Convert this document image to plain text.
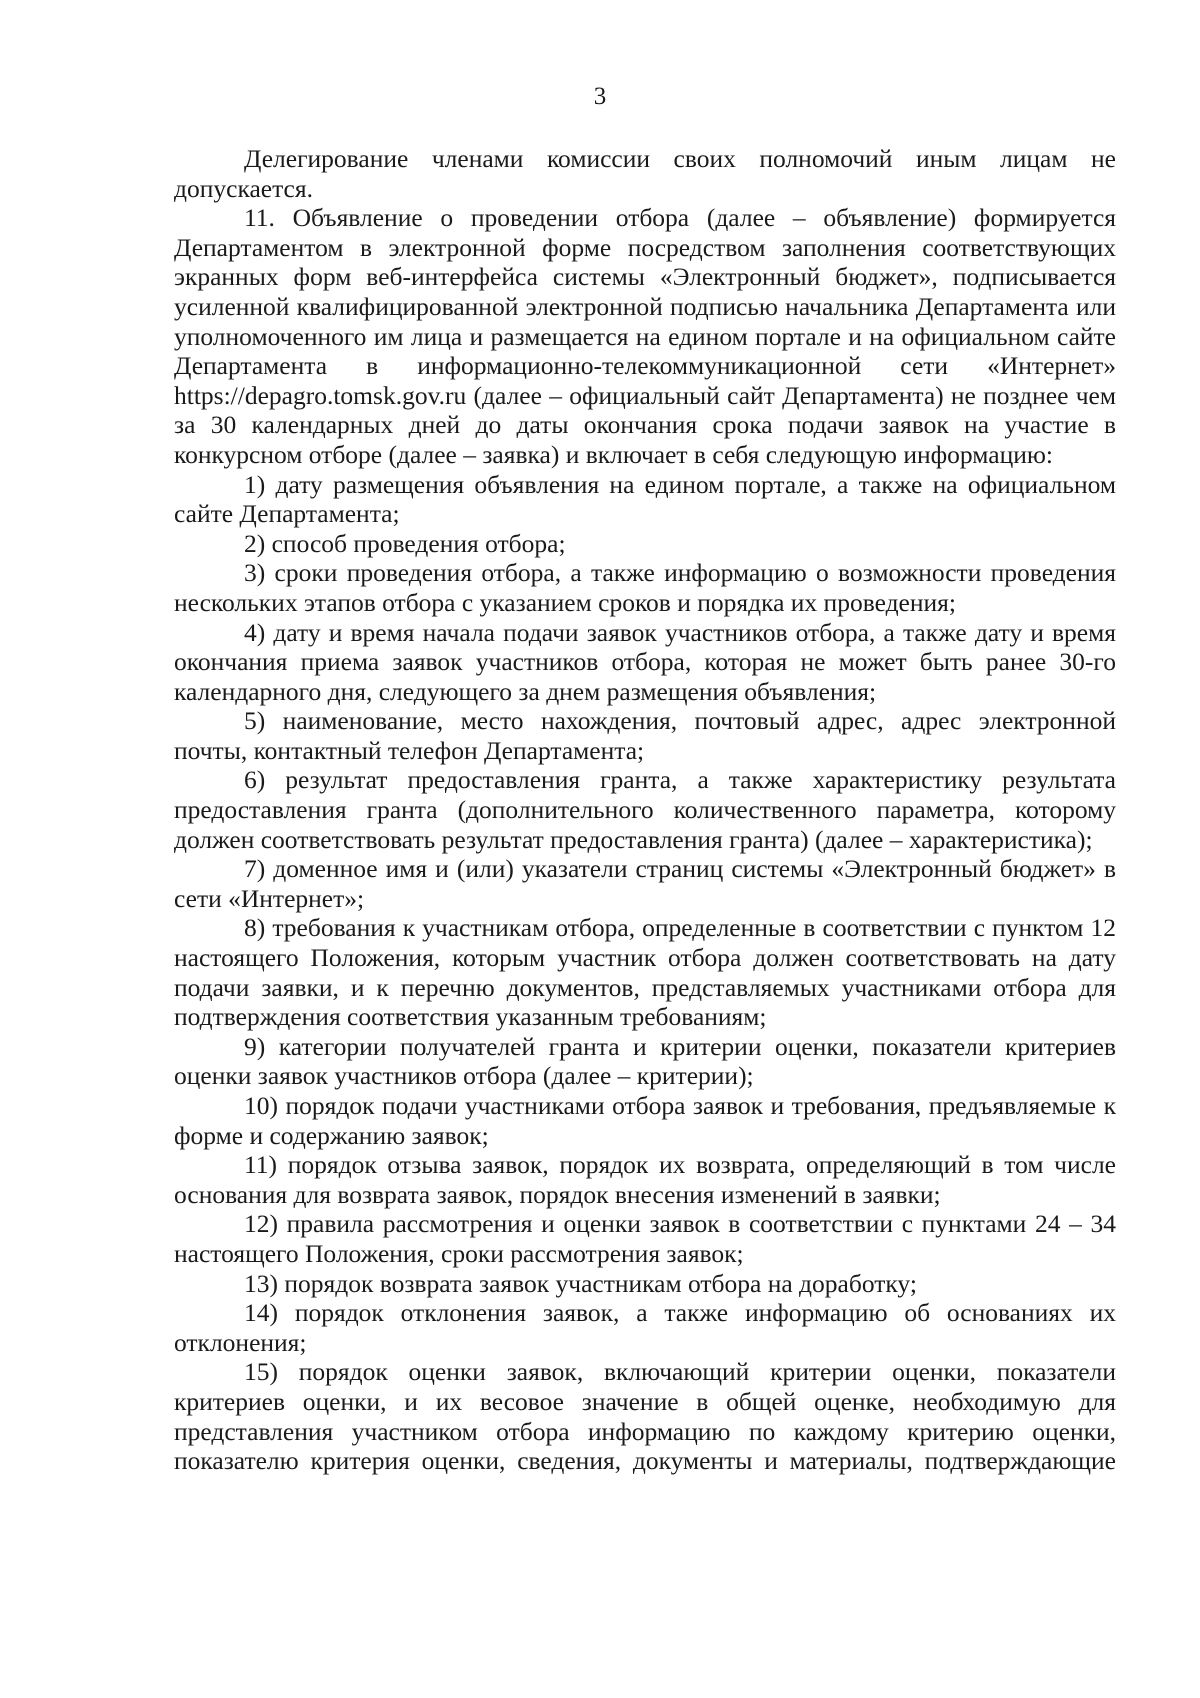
3

Делегирование членами комиссии своих полномочий иным лицам не допускается.

11. Объявление о проведении отбора (далее – объявление) формируется Департаментом в электронной форме посредством заполнения соответствующих экранных форм веб-интерфейса системы «Электронный бюджет», подписывается усиленной квалифицированной электронной подписью начальника Департамента или уполномоченного им лица и размещается на едином портале и на официальном сайте Департамента в информационно-телекоммуникационной сети «Интернет» https://depagro.tomsk.gov.ru (далее – официальный сайт Департамента) не позднее чем за 30 календарных дней до даты окончания срока подачи заявок на участие в конкурсном отборе (далее – заявка) и включает в себя следующую информацию:

1) дату размещения объявления на едином портале, а также на официальном сайте Департамента;

2) способ проведения отбора;

3) сроки проведения отбора, а также информацию о возможности проведения нескольких этапов отбора с указанием сроков и порядка их проведения;

4) дату и время начала подачи заявок участников отбора, а также дату и время окончания приема заявок участников отбора, которая не может быть ранее 30-го календарного дня, следующего за днем размещения объявления;

5) наименование, место нахождения, почтовый адрес, адрес электронной почты, контактный телефон Департамента;

6) результат предоставления гранта, а также характеристику результата предоставления гранта (дополнительного количественного параметра, которому должен соответствовать результат предоставления гранта) (далее – характеристика);

7) доменное имя и (или) указатели страниц системы «Электронный бюджет» в сети «Интернет»;

8) требования к участникам отбора, определенные в соответствии с пунктом 12 настоящего Положения, которым участник отбора должен соответствовать на дату подачи заявки, и к перечню документов, представляемых участниками отбора для подтверждения соответствия указанным требованиям;

9) категории получателей гранта и критерии оценки, показатели критериев оценки заявок участников отбора (далее – критерии);

10) порядок подачи участниками отбора заявок и требования, предъявляемые к форме и содержанию заявок;

11) порядок отзыва заявок, порядок их возврата, определяющий в том числе основания для возврата заявок, порядок внесения изменений в заявки;

12) правила рассмотрения и оценки заявок в соответствии с пунктами 24 – 34 настоящего Положения, сроки рассмотрения заявок;

13) порядок возврата заявок участникам отбора на доработку;

14) порядок отклонения заявок, а также информацию об основаниях их отклонения;

15) порядок оценки заявок, включающий критерии оценки, показатели критериев оценки, и их весовое значение в общей оценке, необходимую для представления участником отбора информацию по каждому критерию оценки, показателю критерия оценки, сведения, документы и материалы, подтверждающие
